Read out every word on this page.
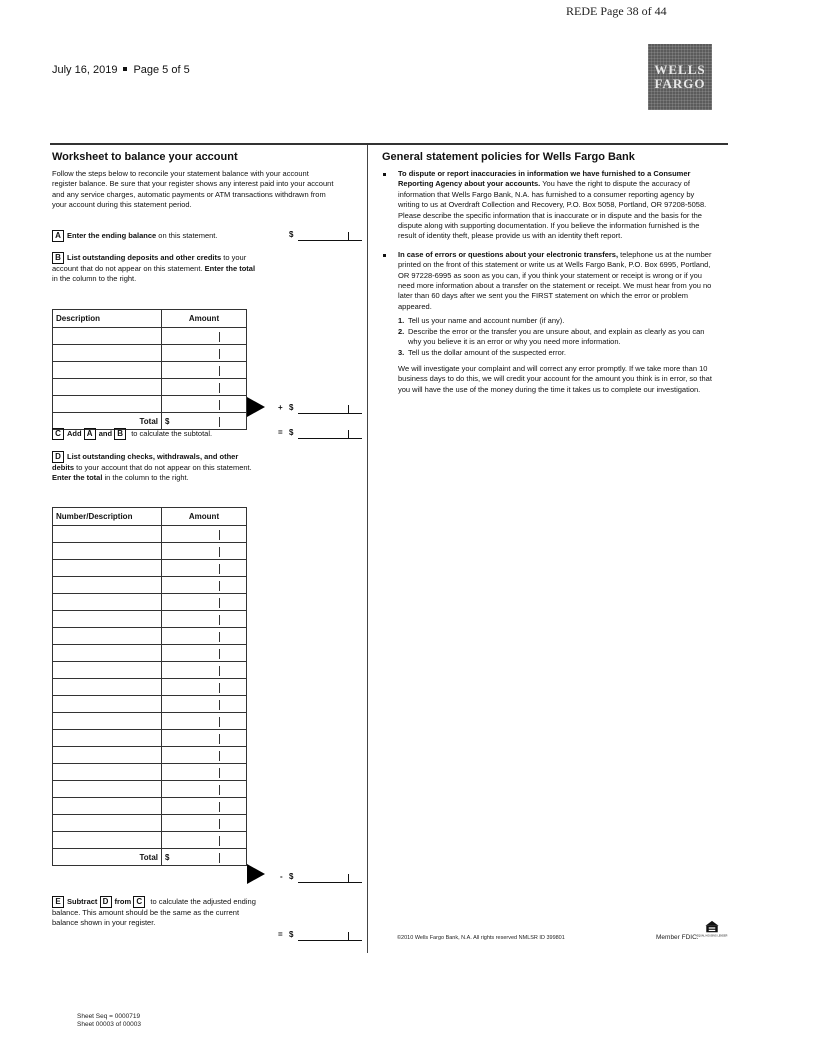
REDE Page 38 of 44
July 16, 2019 Page 5 of 5	WELLS
FARGO
Worksheet to balance your account
Follow the steps below to reconcile your statement balance with your account register balance. Be sure that your register shows any interest paid into your account and any service charges, automatic payments or ATM transactions withdrawn from your account during this statement period.
A Enter the ending balance on this statement.	$
B List outstanding deposits and other credits to your account that do not appear on this statement. Enter the total in the column to the right.
Description	Amount

Total	$
+ $
C Add A and B to calculate the subtotal.	= $
D List outstanding checks, withdrawals, and other debits to your account that do not appear on this statement. Enter the total in the column to the right.
Number/Description	Amount

Total	$
- $
E Subtract D from C to calculate the adjusted ending balance. This amount should be the same as the current balance shown in your register.
= $
General statement policies for Wells Fargo Bank
To dispute or report inaccuracies in information we have furnished to a Consumer Reporting Agency about your accounts. You have the right to dispute the accuracy of information that Wells Fargo Bank, N.A. has furnished to a consumer reporting agency by writing to us at Overdraft Collection and Recovery, P.O. Box 5058, Portland, OR 97208-5058. Please describe the specific information that is inaccurate or in dispute and the basis for the dispute along with supporting documentation. If you believe the information furnished is the result of identity theft, please provide us with an identity theft report.
In case of errors or questions about your electronic transfers, telephone us at the number printed on the front of this statement or write us at Wells Fargo Bank, P.O. Box 6995, Portland, OR 97228-6995 as soon as you can, if you think your statement or receipt is wrong or if you need more information about a transfer on the statement or receipt. We must hear from you no later than 60 days after we sent you the FIRST statement on which the error or problem appeared.
1. Tell us your name and account number (if any).
2. Describe the error or the transfer you are unsure about, and explain as clearly as you can why you believe it is an error or why you need more information.
3. Tell us the dollar amount of the suspected error.
We will investigate your complaint and will correct any error promptly. If we take more than 10 business days to do this, we will credit your account for the amount you think is in error, so that you will have the use of the money during the time it takes us to complete our investigation.
©2010 Wells Fargo Bank, N.A. All rights reserved NMLSR ID 399801	Member FDIC.
EQUAL HOUSING LENDER
Sheet Seq = 0000719
Sheet 00003 of 00003
